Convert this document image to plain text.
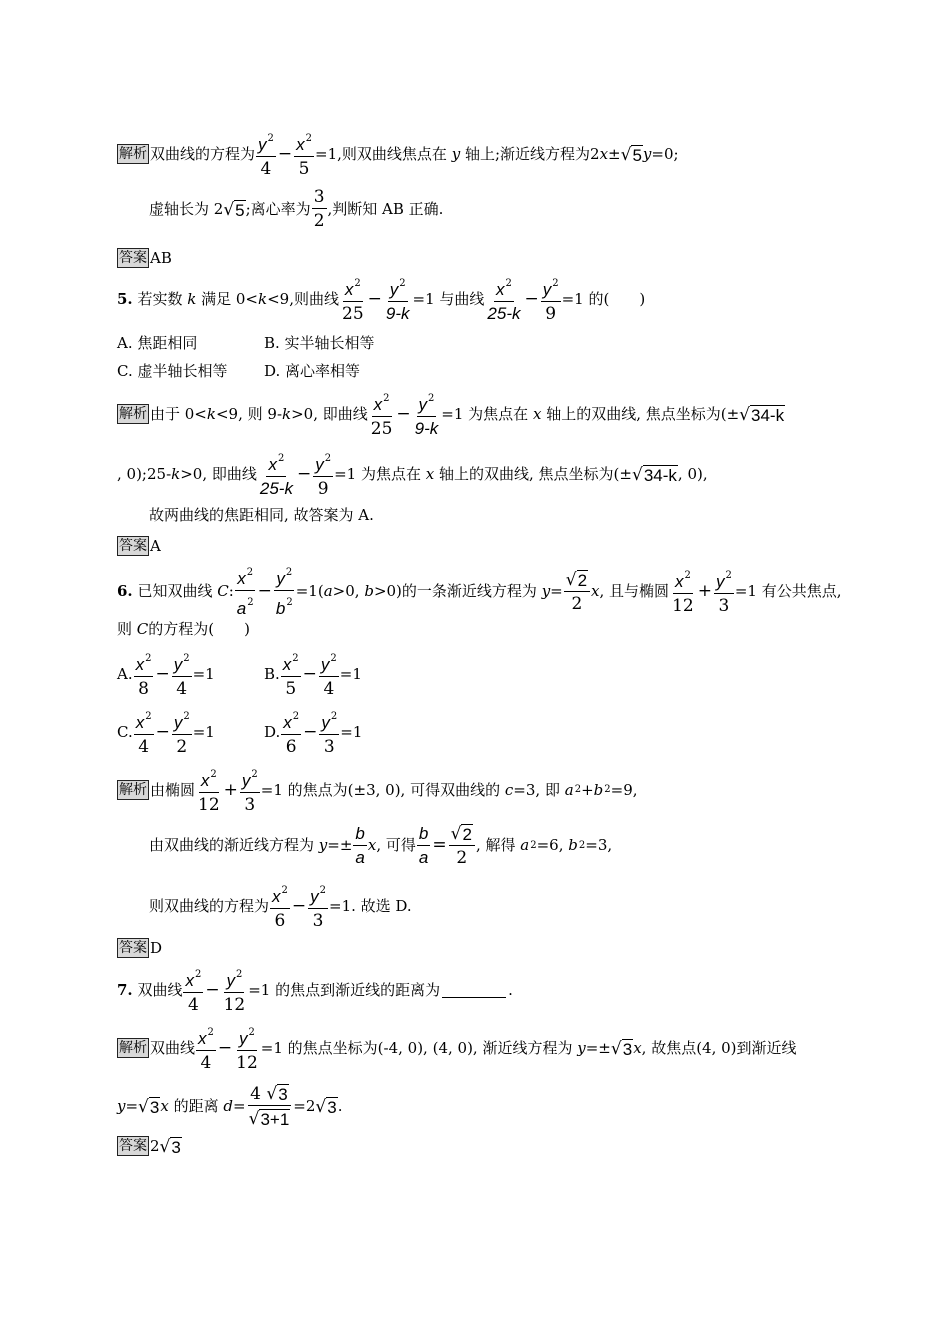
解析 双曲线的方程为 $\frac{y^2}{4} - \frac{x^2}{5} =1$,则双曲线焦点在
y
轴上;渐近线方程为 2 x ± √ 5 y =0;
虚轴长为 2 √ 5 ;离心率为 $\frac{3}{2}$ ,判断知 AB 正确.
答案 AB
5.
若实数
k
满足 0< k <9,则曲线 $\frac{x^2}{25} - \frac{y^2}{9-k} =1$ 与曲线 $\frac{x^2}{25-k} - \frac{y^2}{9} =1$ 的(　　)
A. 焦距相同	B. 实半轴长相等
C. 虚半轴长相等 D. 离心率相等
解析 由于 0< k <9, 则 9- k >0, 即曲线 $\frac{x^2}{25} - \frac{y^2}{9-k} =1$ 为焦点在
x
轴上的双曲线, 焦点坐标为(± √ 34-k
, 0);25- k >0, 即曲线 $\frac{x^2}{25-k} - \frac{y^2}{9} =1$ 为焦点在
x
轴上的双曲线, 焦点坐标为(± √ 34-k , 0),
故两曲线的焦距相同, 故答案为 A.
答案 A
6.
已知双曲线
C : $\frac{x^2}{a^2} - \frac{y^2}{b^2} =1$( a >0,
b >0)的一条渐近线方程为
$y= \frac{√ 2}{2}$ x , 且与椭圆 $\frac{x^2}{12} + \frac{y^2}{3} =1$ 有公共焦点,
则
C 的方程为(　　)
A. $\frac{x^2}{8} - \frac{y^2}{4} =1$	B. $\frac{x^2}{5} - \frac{y^2}{4} =1$
C. $\frac{x^2}{4} - \frac{y^2}{2} =1$	D. $\frac{x^2}{6} - \frac{y^2}{3} =1$
解析 由椭圆 $\frac{x^2}{12} + \frac{y^2}{3} =1$ 的焦点为(±3, 0), 可得双曲线的
c =3, 即
a 2 + b 2 =9,
由双曲线的渐近线方程为
$y=\pm \frac{b}{a}$ x , 可得 $\frac{b}{a} = \frac{√ 2}{2}$ , 解得
a 2 =6,
b 2 =3,
则双曲线的方程为 $\frac{x^2}{6} - \frac{y^2}{3} =1$. 故选 D.
答案 D
7.
双曲线 $\frac{x^2}{4} - \frac{y^2}{12} =1$ 的焦点到渐近线的距离为	.
解析 双曲线 $\frac{x^2}{4} - \frac{y^2}{12} =1$ 的焦点坐标为(-4, 0), (4, 0), 渐近线方程为
y=± √ 3 x , 故焦点(4, 0)到渐近线
y= √ 3 x
的距离
$d = \frac{4 √ 3}{√ 3+1} =2$ √ 3 .
答案 2 √ 3
